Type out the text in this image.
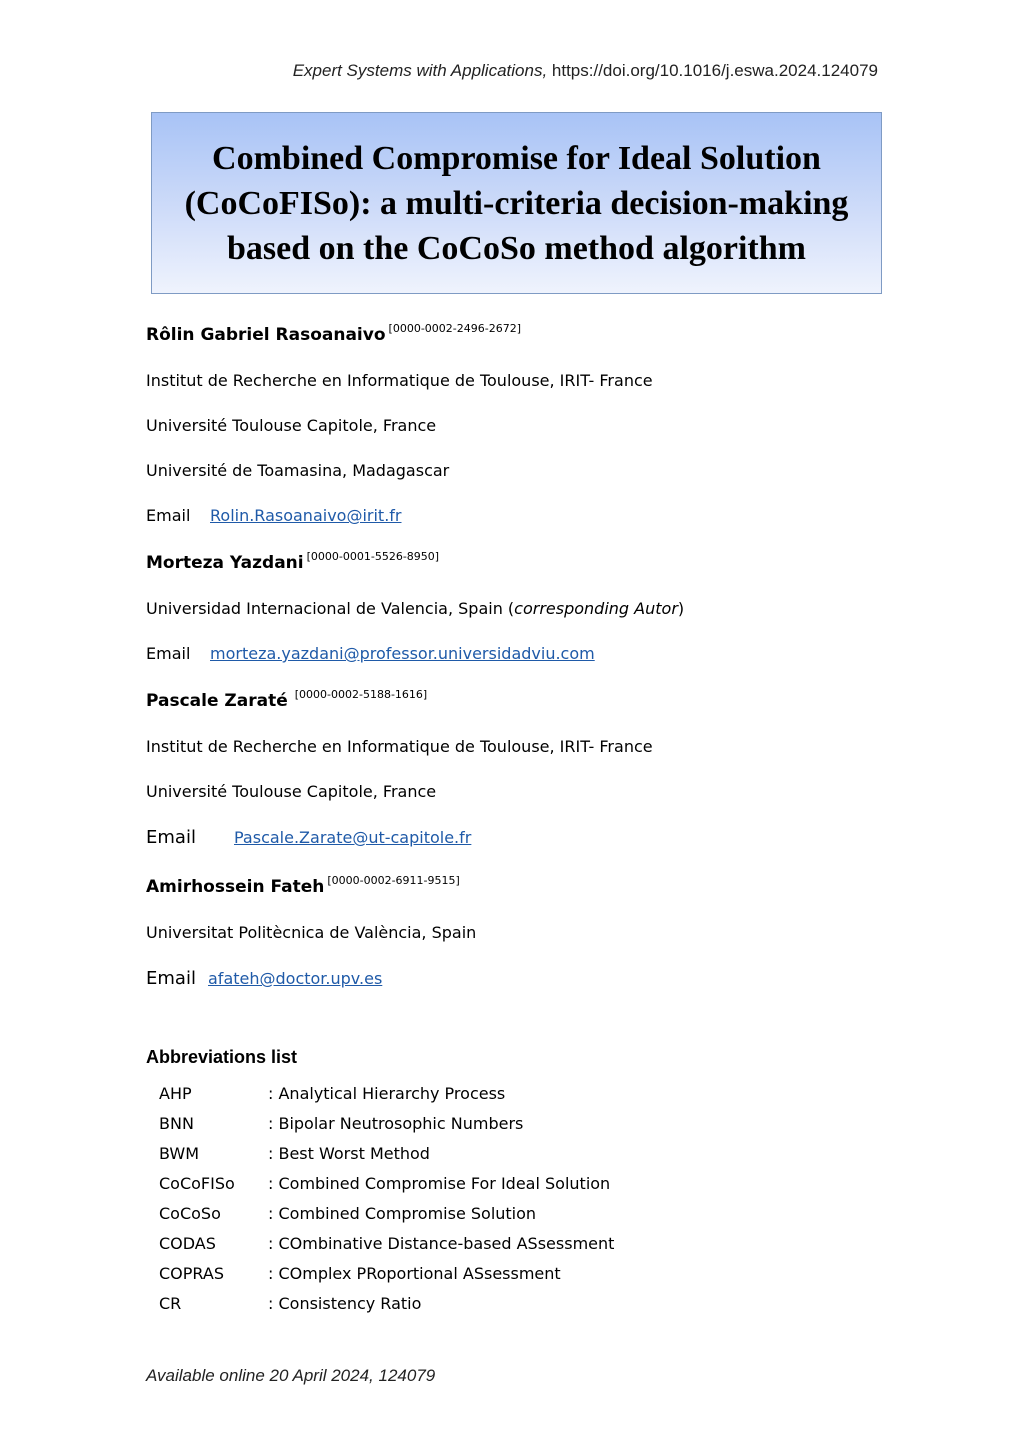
Expert Systems with Applications, https://doi.org/10.1016/j.eswa.2024.124079
Combined Compromise for Ideal Solution (CoCoFISo): a multi-criteria decision-making based on the CoCoSo method algorithm
Rôlin Gabriel Rasoanaivo [0000-0002-2496-2672]
Institut de Recherche en Informatique de Toulouse, IRIT- France
Université Toulouse Capitole, France
Université de Toamasina, Madagascar
Email Rolin.Rasoanaivo@irit.fr
Morteza Yazdani [0000-0001-5526-8950]
Universidad Internacional de Valencia, Spain (corresponding Autor)
Email morteza.yazdani@professor.universidadviu.com
Pascale Zaraté [0000-0002-5188-1616]
Institut de Recherche en Informatique de Toulouse, IRIT- France
Université Toulouse Capitole, France
Email Pascale.Zarate@ut-capitole.fr
Amirhossein Fateh [0000-0002-6911-9515]
Universitat Politècnica de València, Spain
Email afateh@doctor.upv.es
Abbreviations list
AHP	: Analytical Hierarchy Process
BNN	: Bipolar Neutrosophic Numbers
BWM	: Best Worst Method
CoCoFISo	: Combined Compromise For Ideal Solution
CoCoSo	: Combined Compromise Solution
CODAS	: COmbinative Distance-based ASsessment
COPRAS	: COmplex PRoportional ASsessment
CR	: Consistency Ratio
Available online 20 April 2024, 124079
